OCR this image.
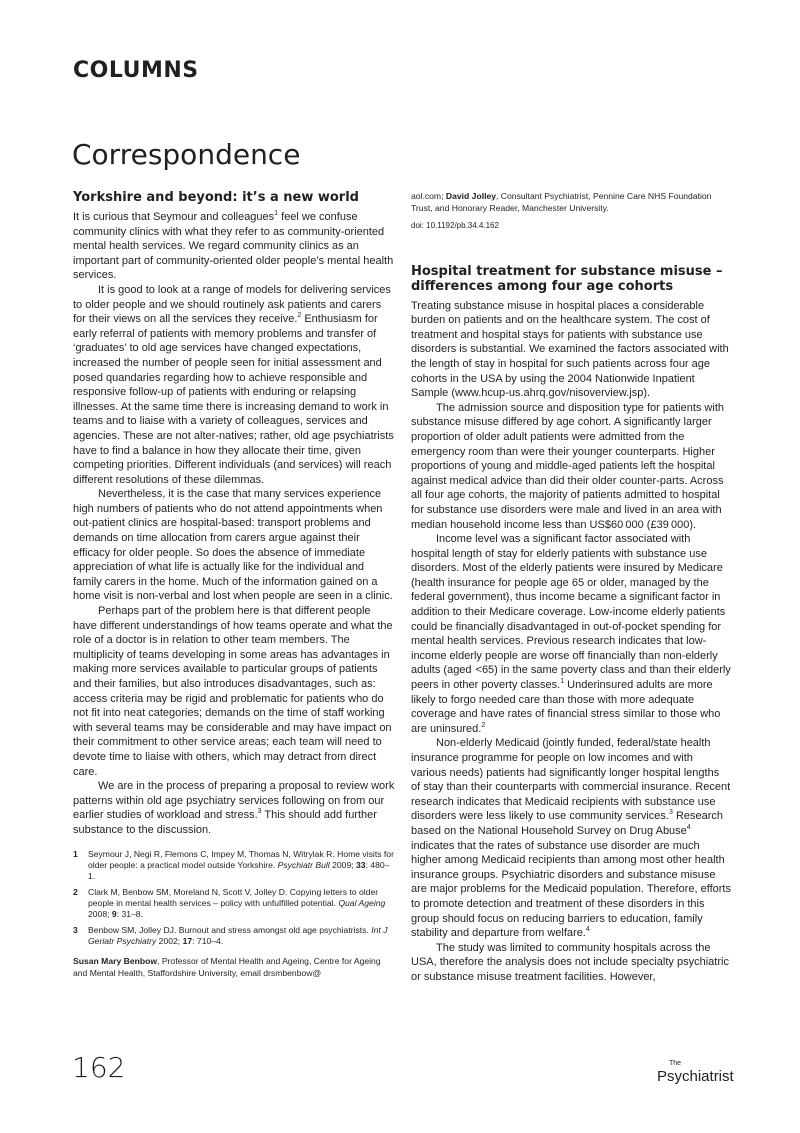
COLUMNS
Correspondence
Yorkshire and beyond: it’s a new world

It is curious that Seymour and colleagues$^1$ feel we confuse community clinics with what they refer to as community-oriented mental health services. We regard community clinics as an important part of community-oriented older people’s mental health services.

It is good to look at a range of models for delivering services to older people and we should routinely ask patients and carers for their views on all the services they receive.$^2$ Enthusiasm for early referral of patients with memory problems and transfer of ‘graduates’ to old age services have changed expectations, increased the number of people seen for initial assessment and posed quandaries regarding how to achieve responsible and responsive follow-up of patients with enduring or relapsing illnesses. At the same time there is increasing demand to work in teams and to liaise with a variety of colleagues, services and agencies. These are not alter-natives; rather, old age psychiatrists have to find a balance in how they allocate their time, given competing priorities. Different individuals (and services) will reach different resolutions of these dilemmas.

Nevertheless, it is the case that many services experience high numbers of patients who do not attend appointments when out-patient clinics are hospital-based: transport problems and demands on time allocation from carers argue against their efficacy for older people. So does the absence of immediate appreciation of what life is actually like for the individual and family carers in the home. Much of the information gained on a home visit is non-verbal and lost when people are seen in a clinic.

Perhaps part of the problem here is that different people have different understandings of how teams operate and what the role of a doctor is in relation to other team members. The multiplicity of teams developing in some areas has advantages in making more services available to particular groups of patients and their families, but also introduces disadvantages, such as: access criteria may be rigid and problematic for patients who do not fit into neat categories; demands on the time of staff working with several teams may be considerable and may have impact on their commitment to other service areas; each team will need to devote time to liaise with others, which may detract from direct care.

We are in the process of preparing a proposal to review work patterns within old age psychiatry services following on from our earlier studies of workload and stress.$^3$ This should add further substance to the discussion.

1	Seymour J, Negi R, Flemons C, Impey M, Thomas N, Witrylak R. Home visits for older people: a practical model outside Yorkshire. Psychiatr Bull 2009; 33: 480–1.
2	Clark M, Benbow SM, Moreland N, Scott V, Jolley D. Copying letters to older people in mental health services – policy with unfulfilled potential. Qual Ageing 2008; 9: 31–8.
3	Benbow SM, Jolley DJ. Burnout and stress amongst old age psychiatrists. Int J Geriatr Psychiatry 2002; 17: 710–4.
Susan Mary Benbow, Professor of Mental Health and Ageing, Centre for Ageing and Mental Health, Staffordshire University, email drsmbenbow@
aol.com; David Jolley, Consultant Psychiatrist, Pennine Care NHS Foundation Trust, and Honorary Reader, Manchester University.
doi: 10.1192/pb.34.4.162
Hospital treatment for substance misuse – differences among four age cohorts

Treating substance misuse in hospital places a considerable burden on patients and on the healthcare system. The cost of treatment and hospital stays for patients with substance use disorders is substantial. We examined the factors associated with the length of stay in hospital for such patients across four age cohorts in the USA by using the 2004 Nationwide Inpatient Sample (www.hcup-us.ahrq.gov/nisoverview.jsp).

The admission source and disposition type for patients with substance misuse differed by age cohort. A significantly larger proportion of older adult patients were admitted from the emergency room than were their younger counterparts. Higher proportions of young and middle-aged patients left the hospital against medical advice than did their older counter-parts. Across all four age cohorts, the majority of patients admitted to hospital for substance use disorders were male and lived in an area with median household income less than US$60 000 (£39 000).

Income level was a significant factor associated with hospital length of stay for elderly patients with substance use disorders. Most of the elderly patients were insured by Medicare (health insurance for people age 65 or older, managed by the federal government), thus income became a significant factor in addition to their Medicare coverage. Low-income elderly patients could be financially disadvantaged in out-of-pocket spending for mental health services. Previous research indicates that low-income elderly people are worse off financially than non-elderly adults (aged  <65) in the same poverty class and than their elderly peers in other poverty classes.$^1$ Underinsured adults are more likely to forgo needed care than those with more adequate coverage and have rates of financial stress similar to those who are uninsured.$^2$

Non-elderly Medicaid (jointly funded, federal/state health insurance programme for people on low incomes and with various needs) patients had significantly longer hospital lengths of stay than their counterparts with commercial insurance. Recent research indicates that Medicaid recipients with substance use disorders were less likely to use community services.$^3$ Research based on the National Household Survey on Drug Abuse$^4$ indicates that the rates of substance use disorder are much higher among Medicaid recipients than among most other health insurance groups. Psychiatric disorders and substance misuse are major problems for the Medicaid population. Therefore, efforts to promote detection and treatment of these disorders in this group should focus on reducing barriers to education, family stability and departure from welfare.$^4$

The study was limited to community hospitals across the USA, therefore the analysis does not include specialty psychiatric or substance misuse treatment facilities. However,

162	The
Psychiatrist
